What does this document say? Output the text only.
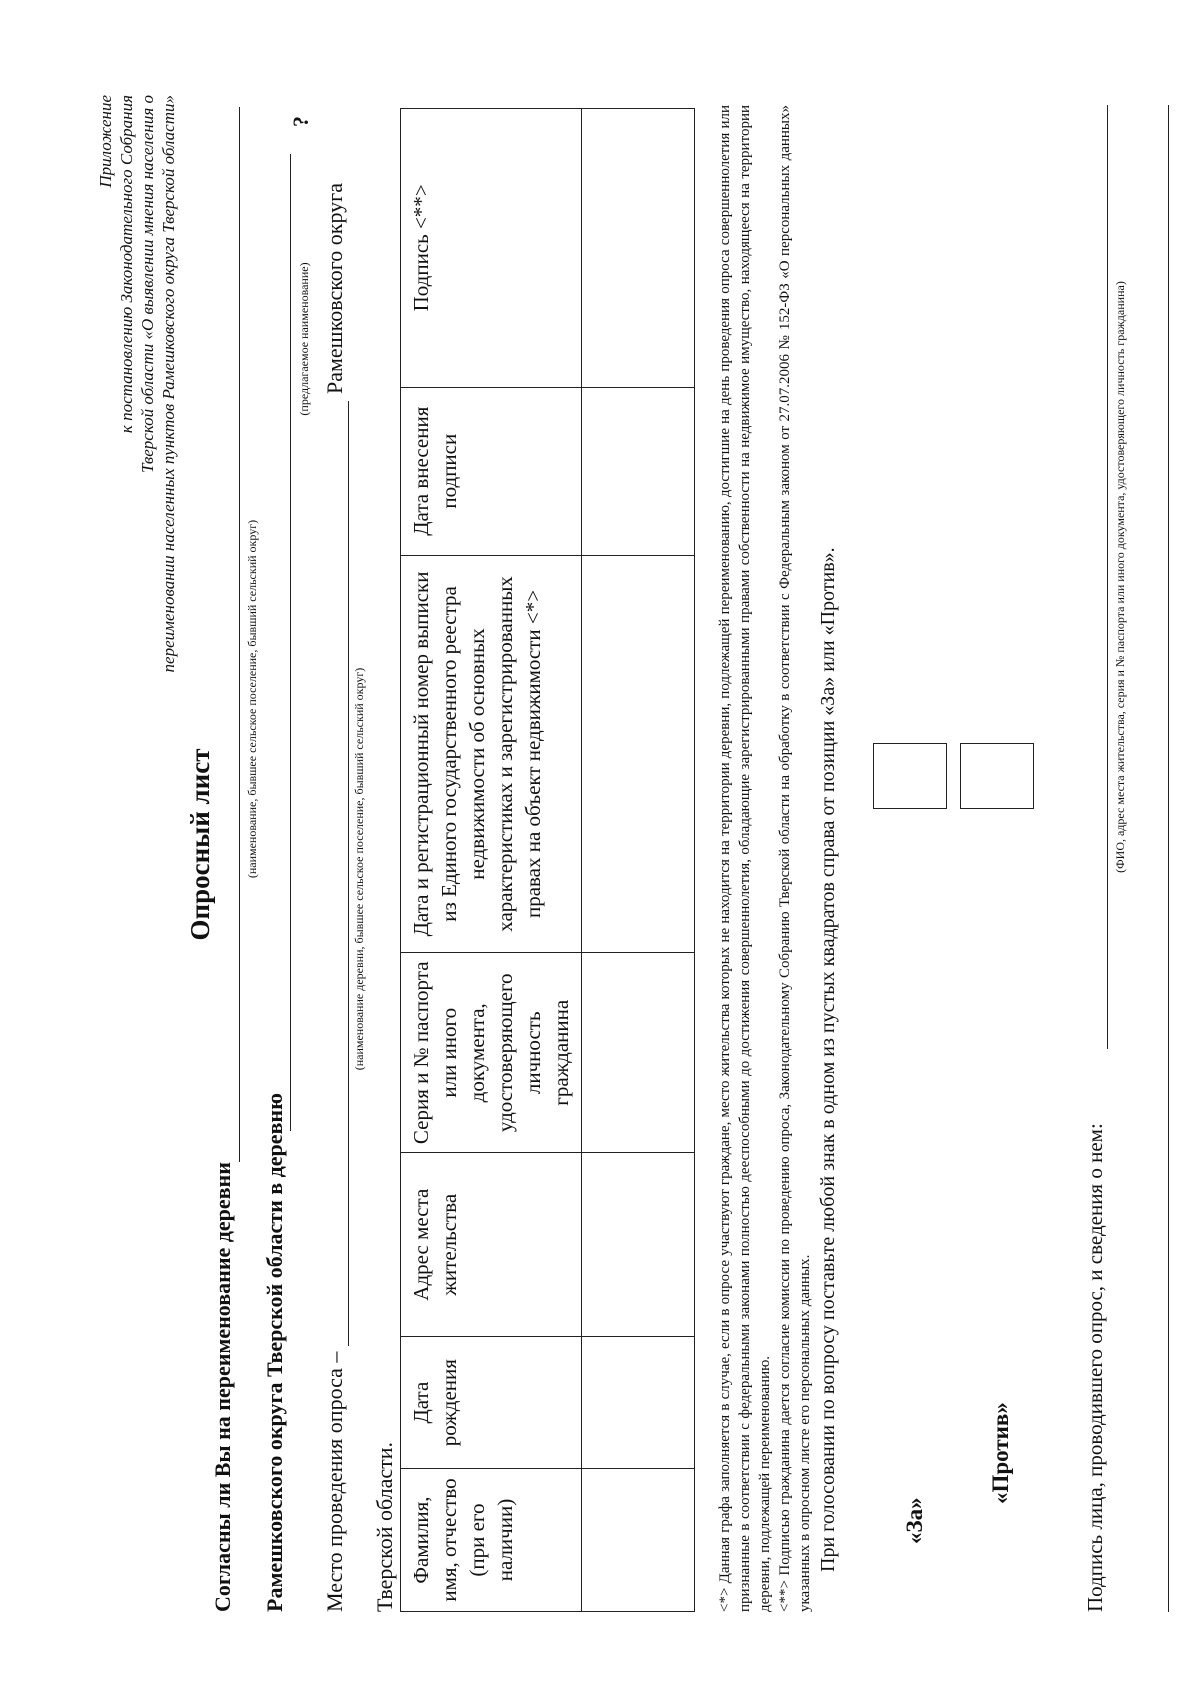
Приложение к постановлению Законодательного Собрания Тверской области «О выявлении мнения населения о переименовании населенных пунктов Рамешковского округа Тверской области»
Опросный лист
Согласны ли Вы на переименование деревни
(наименование, бывшее сельское поселение, бывший сельский округ)
Рамешковского округа Тверской области в деревню
(предлагаемое наименование)
?
Место проведения опроса –
Рамешковского округа
(наименование деревни, бывшее сельское поселение, бывший сельский округ)
Тверской области. Фамилия, имя, отчество (при его наличии)	Дата рождения	Адрес места жительства	Серия и № паспорта или иного документа, удостоверяющего личность гражданина	Дата и регистрационный номер выписки из Единого государственного реестра недвижимости об основных характеристиках и зарегистрированных правах на объект недвижимости <*>	Дата внесения подписи	Подпись <**>
							<*> Данная графа заполняется в случае, если в опросе участвуют граждане, место жительства которых не находится на территории деревни, подлежащей переименованию, достигшие на день проведения опроса совершеннолетия или признанные в соответствии с федеральными законами полностью дееспособными до достижения совершеннолетия, обладающие зарегистрированными правами собственности на недвижимое имущество, находящееся на территории деревни, подлежащей переименованию. <**> Подписью гражданина дается согласие комиссии по проведению опроса, Законодательному Собранию Тверской области на обработку в соответствии с Федеральным законом от 27.07.2006 № 152-ФЗ «О персональных данных» указанных в опросном листе его персональных данных. При голосовании по вопросу поставьте любой знак в одном из пустых квадратов справа от позиции «За» или «Против».	«За»
«Против»	Подпись лица, проводившего опрос, и сведения о нем:
(ФИО, адрес места жительства, серия и № паспорта или иного документа, удостоверяющего личность гражданина)
